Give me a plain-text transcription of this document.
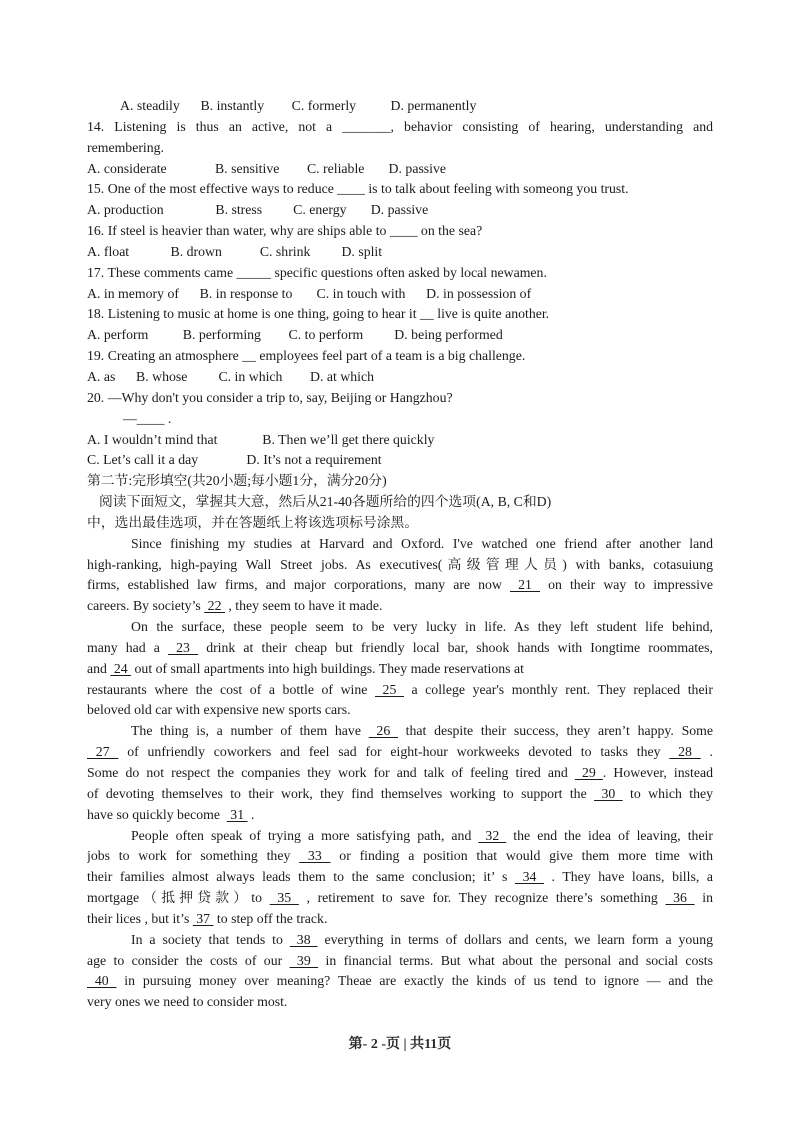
A. steadily      B. instantly        C. formerly          D. permanently
14. Listening is thus an active, not a _______, behavior consisting of hearing, understanding and
remembering.
A. considerate              B. sensitive        C. reliable       D. passive
15. One of the most effective ways to reduce ____ is to talk about feeling with someong you trust.
A. production               B. stress         C. energy       D. passive
16. If steel is heavier than water, why are ships able to ____ on the sea?
A. float            B. drown           C. shrink         D. split
17. These comments came _____ specific questions often asked by local newamen.
A. in memory of      B. in response to       C. in touch with      D. in possession of
18. Listening to music at home is one thing, going to hear it __ live is quite another.
A. perform          B. performing        C. to perform         D. being performed
19. Creating an atmosphere __ employees feel part of a team is a big challenge.
A. as      B. whose         C. in which        D. at which
20. —Why don't you consider a trip to, say, Beijing or Hangzhou?
—____ .
A. I wouldn’t mind that             B. Then we’ll get there quickly
C. Let’s call it a day              D. It’s not a requirement
第二节:完形填空(共20小题;每小题1分，满分20分)
阅读下面短文，掌握其大意，然后从21-40各题所给的四个选项(A, B, C和D)
中，选出最佳选项，并在答题纸上将该选项标号涂黑。
Since finishing my studies at Harvard and Oxford. I've watched one friend after another land
high-ranking, high-paying Wall Street jobs. As executives(高级管理人员) with banks, cotasuiung
firms, established law firms, and major corporations, many are now  21  on their way to impressive
careers. By society’s  22  , they seem to have it made.
On the surface, these people seem to be very lucky in life. As they left student life behind,
many had a  23  drink at their cheap but friendly local bar, shook hands with Iongtime roommates,
and  24  out of small apartments into high buildings. They made reservations at
restaurants where the cost of a bottle of wine  25  a college year's monthly rent. They replaced their
beloved old car with expensive new sports cars.
The thing is, a number of them have  26  that despite their success, they aren’t happy. Some
27  of unfriendly coworkers and feel sad for eight-hour workweeks devoted to tasks they  28  .
Some do not respect the companies they work for and talk of feeling tired and  29 . However, instead
of devoting themselves to their work, they find themselves working to support the  30  to which they
have so quickly become   31  .
People often speak of trying a more satisfying path, and  32  the end the idea of leaving, their
jobs to work for something they  33  or finding a position that would give them more time with
their families almost always leads them to the same conclusion; it’ s  34  . They have loans, bills, a
mortgage（抵押贷款）to  35  , retirement to save for. They recognize there’s something  36  in
their lices , but it’s  37  to step off the track.
In a society that tends to  38  everything in terms of dollars and cents, we learn form a young
age to consider the costs of our  39  in financial terms. But what about the personal and social costs
40  in pursuing money over meaning? Theae are exactly the kinds of us tend to ignore — and the
very ones we need to consider most.
第- 2 -页 | 共11页
